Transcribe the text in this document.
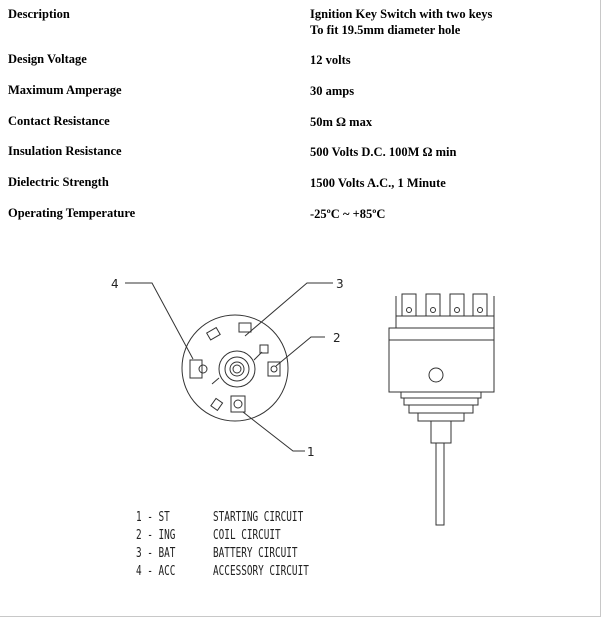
Description	Ignition Key Switch with two keys
To fit 19.5mm diameter hole
Design Voltage	12 volts
Maximum Amperage	30 amps
Contact Resistance	50m Ω max
Insulation Resistance	500 Volts D.C. 100M Ω min
Dielectric Strength	1500 Volts A.C., 1 Minute
Operating Temperature	-25ºC ~ +85ºC
4	3
2
1
1 - ST	STARTING CIRCUIT
2 - ING	COIL CIRCUIT
3 - BAT	BATTERY CIRCUIT
4 - ACC	ACCESSORY CIRCUIT
